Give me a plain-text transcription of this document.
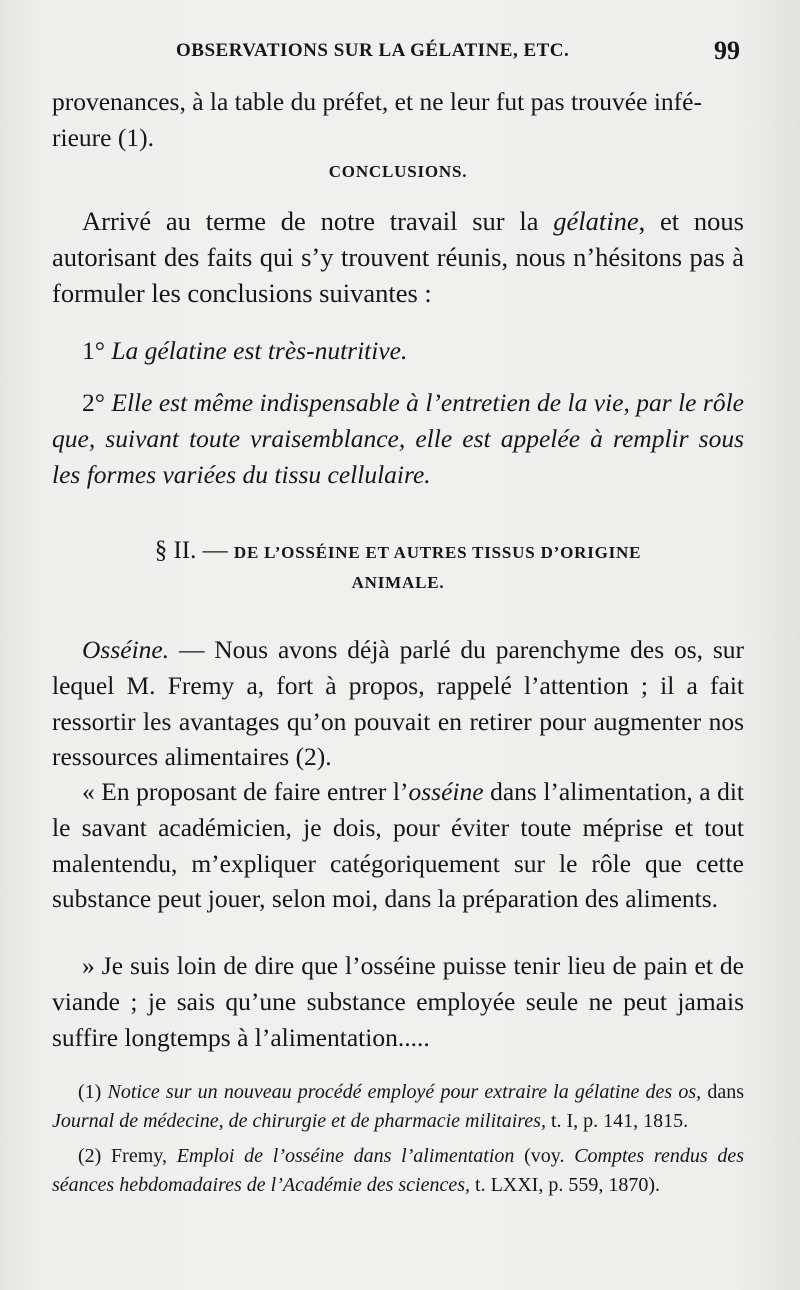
OBSERVATIONS SUR LA GÉLATINE, ETC.	99

provenances, à la table du préfet, et ne leur fut pas trouvée infé-

rieure (1).

CONCLUSIONS.

Arrivé au terme de notre travail sur la gélatine, et nous autorisant des faits qui s’y trouvent réunis, nous n’hésitons pas à formuler les conclusions suivantes :

1° La gélatine est très-nutritive.

2° Elle est même indispensable à l’entretien de la vie, par le rôle que, suivant toute vraisemblance, elle est appelée à remplir sous les formes variées du tissu cellulaire.

§ II. — DE L’OSSÉINE ET AUTRES TISSUS D’ORIGINE
ANIMALE.

Osséine. — Nous avons déjà parlé du parenchyme des os, sur lequel M. Fremy a, fort à propos, rappelé l’attention ; il a fait ressortir les avantages qu’on pouvait en retirer pour augmenter nos ressources alimentaires (2).

« En proposant de faire entrer l’osséine dans l’alimentation, a dit le savant académicien, je dois, pour éviter toute méprise et tout malentendu, m’expliquer catégoriquement sur le rôle que cette substance peut jouer, selon moi, dans la préparation des aliments.

» Je suis loin de dire que l’osséine puisse tenir lieu de pain et de viande ; je sais qu’une substance employée seule ne peut jamais suffire longtemps à l’alimentation.....

(1) Notice sur un nouveau procédé employé pour extraire la gélatine des os, dans Journal de médecine, de chirurgie et de pharmacie militaires, t. I, p. 141, 1815.

(2) Fremy, Emploi de l’osséine dans l’alimentation (voy. Comptes rendus des séances hebdomadaires de l’Académie des sciences, t. LXXI, p. 559, 1870).
